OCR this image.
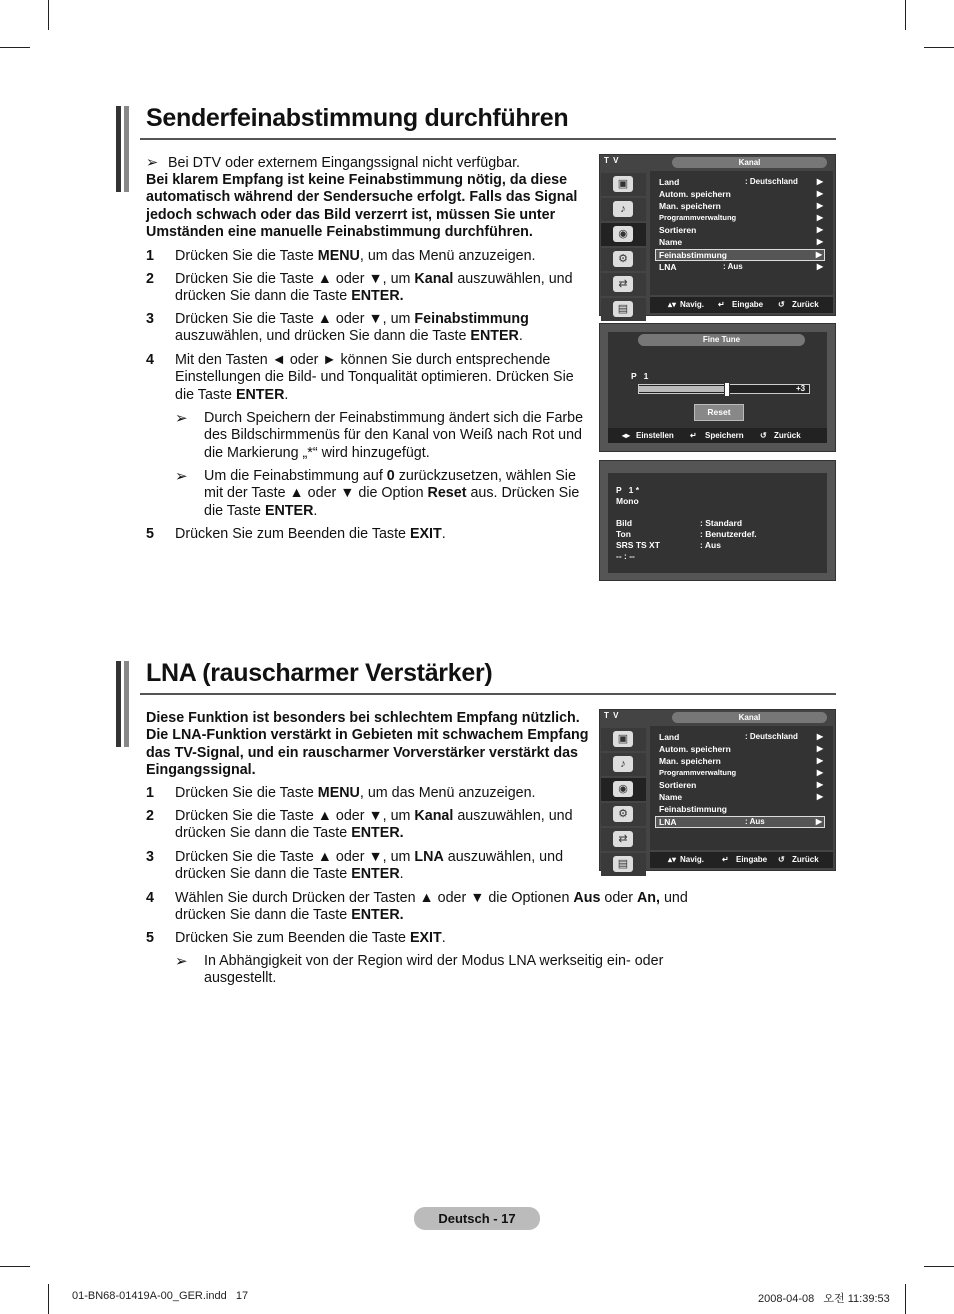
Senderfeinabstimmung durchführen
➢ Bei DTV oder externem Eingangssignal nicht verfügbar.
Bei klarem Empfang ist keine Feinabstimmung nötig, da diese automatisch während der Sendersuche erfolgt. Falls das Signal jedoch schwach oder das Bild verzerrt ist, müssen Sie unter Umständen eine manuelle Feinabstimmung durchführen.
1 Drücken Sie die Taste MENU, um das Menü anzuzeigen.
2 Drücken Sie die Taste ▲ oder ▼, um Kanal auszuwählen, und drücken Sie dann die Taste ENTER.
3 Drücken Sie die Taste ▲ oder ▼, um Feinabstimmung auszuwählen, und drücken Sie dann die Taste ENTER.
4 Mit den Tasten ◄ oder ► können Sie durch entsprechende Einstellungen die Bild- und Tonqualität optimieren. Drücken Sie die Taste ENTER.
➢ Durch Speichern der Feinabstimmung ändert sich die Farbe des Bildschirmmenüs für den Kanal von Weiß nach Rot und die Markierung „*“ wird hinzugefügt.
➢ Um die Feinabstimmung auf 0 zurückzusetzen, wählen Sie mit der Taste ▲ oder ▼ die Option Reset aus. Drücken Sie die Taste ENTER.
5 Drücken Sie zum Beenden die Taste EXIT.
T V	Kanal
▣
♪
◉
⚙
⇄
▤
Land	: Deutschland ▶
Autom. speichern	▶
Man. speichern	▶
Programmverwaltung	▶
Sortieren	▶
Name	▶
Feinabstimmung	▶
LNA	: Aus	▶
▴▾ Navig. ↵ Eingabe ↺ Zurück
Fine Tune
P   1
+3
Reset
◂▸ Einstellen ↵ Speichern ↺ Zurück
P   1 *
Mono
Bild	: Standard
Ton	: Benutzerdef.
SRS TS XT	: Aus
-- : --
LNA (rauscharmer Verstärker)
Diese Funktion ist besonders bei schlechtem Empfang nützlich. Die LNA-Funktion verstärkt in Gebieten mit schwachem Empfang das TV-Signal, und ein rauscharmer Vorverstärker verstärkt das Eingangssignal.
1 Drücken Sie die Taste MENU, um das Menü anzuzeigen.
2 Drücken Sie die Taste ▲ oder ▼, um Kanal auszuwählen, und drücken Sie dann die Taste ENTER.
3 Drücken Sie die Taste ▲ oder ▼, um LNA auszuwählen, und drücken Sie dann die Taste ENTER.
4 Wählen Sie durch Drücken der Tasten ▲ oder ▼ die Optionen Aus oder An, und drücken Sie dann die Taste ENTER.
5 Drücken Sie zum Beenden die Taste EXIT.
➢ In Abhängigkeit von der Region wird der Modus LNA werkseitig ein- oder ausgestellt.
T V	Kanal
▣
♪
◉
⚙
⇄
▤
Land	: Deutschland ▶
Autom. speichern	▶
Man. speichern	▶
Programmverwaltung	▶
Sortieren	▶
Name	▶
Feinabstimmung
LNA	: Aus	▶
▴▾ Navig. ↵ Eingabe ↺ Zurück
Deutsch - 17
01-BN68-01419A-00_GER.indd   17	2008-04-08   오전 11:39:53
